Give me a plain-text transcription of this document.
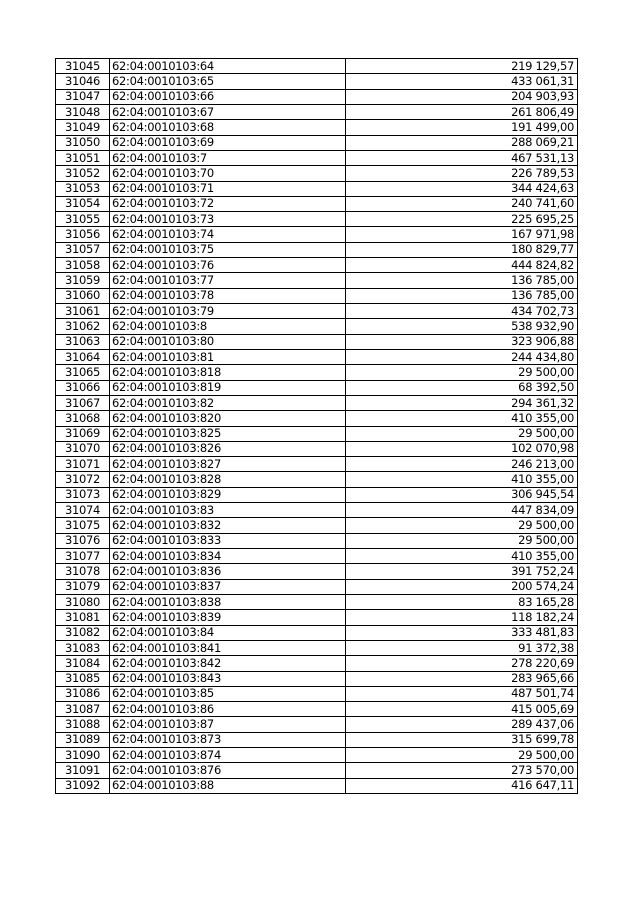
31045	62:04:0010103:64	219 129,57
31046	62:04:0010103:65	433 061,31
31047	62:04:0010103:66	204 903,93
31048	62:04:0010103:67	261 806,49
31049	62:04:0010103:68	191 499,00
31050	62:04:0010103:69	288 069,21
31051	62:04:0010103:7	467 531,13
31052	62:04:0010103:70	226 789,53
31053	62:04:0010103:71	344 424,63
31054	62:04:0010103:72	240 741,60
31055	62:04:0010103:73	225 695,25
31056	62:04:0010103:74	167 971,98
31057	62:04:0010103:75	180 829,77
31058	62:04:0010103:76	444 824,82
31059	62:04:0010103:77	136 785,00
31060	62:04:0010103:78	136 785,00
31061	62:04:0010103:79	434 702,73
31062	62:04:0010103:8	538 932,90
31063	62:04:0010103:80	323 906,88
31064	62:04:0010103:81	244 434,80
31065	62:04:0010103:818	29 500,00
31066	62:04:0010103:819	68 392,50
31067	62:04:0010103:82	294 361,32
31068	62:04:0010103:820	410 355,00
31069	62:04:0010103:825	29 500,00
31070	62:04:0010103:826	102 070,98
31071	62:04:0010103:827	246 213,00
31072	62:04:0010103:828	410 355,00
31073	62:04:0010103:829	306 945,54
31074	62:04:0010103:83	447 834,09
31075	62:04:0010103:832	29 500,00
31076	62:04:0010103:833	29 500,00
31077	62:04:0010103:834	410 355,00
31078	62:04:0010103:836	391 752,24
31079	62:04:0010103:837	200 574,24
31080	62:04:0010103:838	83 165,28
31081	62:04:0010103:839	118 182,24
31082	62:04:0010103:84	333 481,83
31083	62:04:0010103:841	91 372,38
31084	62:04:0010103:842	278 220,69
31085	62:04:0010103:843	283 965,66
31086	62:04:0010103:85	487 501,74
31087	62:04:0010103:86	415 005,69
31088	62:04:0010103:87	289 437,06
31089	62:04:0010103:873	315 699,78
31090	62:04:0010103:874	29 500,00
31091	62:04:0010103:876	273 570,00
31092	62:04:0010103:88	416 647,11
